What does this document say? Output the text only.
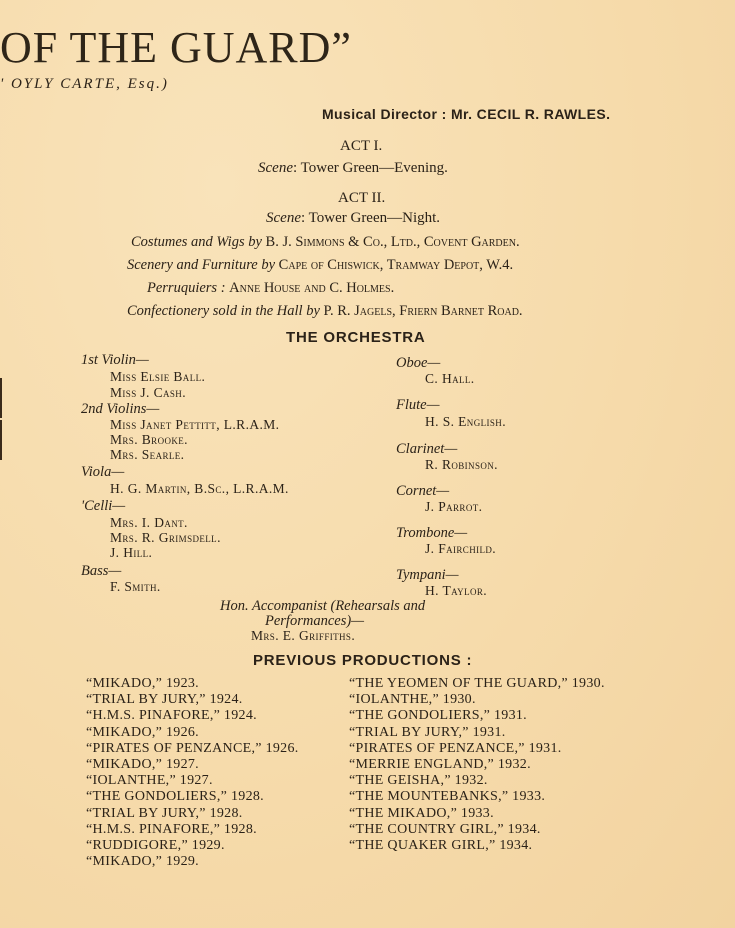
OF THE GUARD”
' OYLY CARTE, Esq.)
Musical Director : Mr. CECIL R. RAWLES.
ACT I.
Scene: Tower Green—Evening.
ACT II.
Scene: Tower Green—Night.
Costumes and Wigs by B. J. Simmons & Co., Ltd., Covent Garden.
Scenery and Furniture by Cape of Chiswick, Tramway Depot, W.4.
Perruquiers : Anne House and C. Holmes.
Confectionery sold in the Hall by P. R. Jagels, Friern Barnet Road.
THE ORCHESTRA
1st Violin—
Miss Elsie Ball.
Miss J. Cash.
2nd Violins—
Miss Janet Pettitt, L.R.A.M.
Mrs. Brooke.
Mrs. Searle.
Viola—
H. G. Martin, B.Sc., L.R.A.M.
'Celli—
Mrs. I. Dant.
Mrs. R. Grimsdell.
J. Hill.
Bass—
F. Smith.
Oboe—
C. Hall.
Flute—
H. S. English.
Clarinet—
R. Robinson.
Cornet—
J. Parrot.
Trombone—
J. Fairchild.
Tympani—
H. Taylor.
Hon. Accompanist (Rehearsals and
Performances)—
Mrs. E. Griffiths.
PREVIOUS PRODUCTIONS :
“MIKADO,” 1923.
“TRIAL BY JURY,” 1924.
“H.M.S. PINAFORE,” 1924.
“MIKADO,” 1926.
“PIRATES OF PENZANCE,” 1926.
“MIKADO,” 1927.
“IOLANTHE,” 1927.
“THE GONDOLIERS,” 1928.
“TRIAL BY JURY,” 1928.
“H.M.S. PINAFORE,” 1928.
“RUDDIGORE,” 1929.
“MIKADO,” 1929.
“THE YEOMEN OF THE GUARD,” 1930.
“IOLANTHE,” 1930.
“THE GONDOLIERS,” 1931.
“TRIAL BY JURY,” 1931.
“PIRATES OF PENZANCE,” 1931.
“MERRIE ENGLAND,” 1932.
“THE GEISHA,” 1932.
“THE MOUNTEBANKS,” 1933.
“THE MIKADO,” 1933.
“THE COUNTRY GIRL,” 1934.
“THE QUAKER GIRL,” 1934.
